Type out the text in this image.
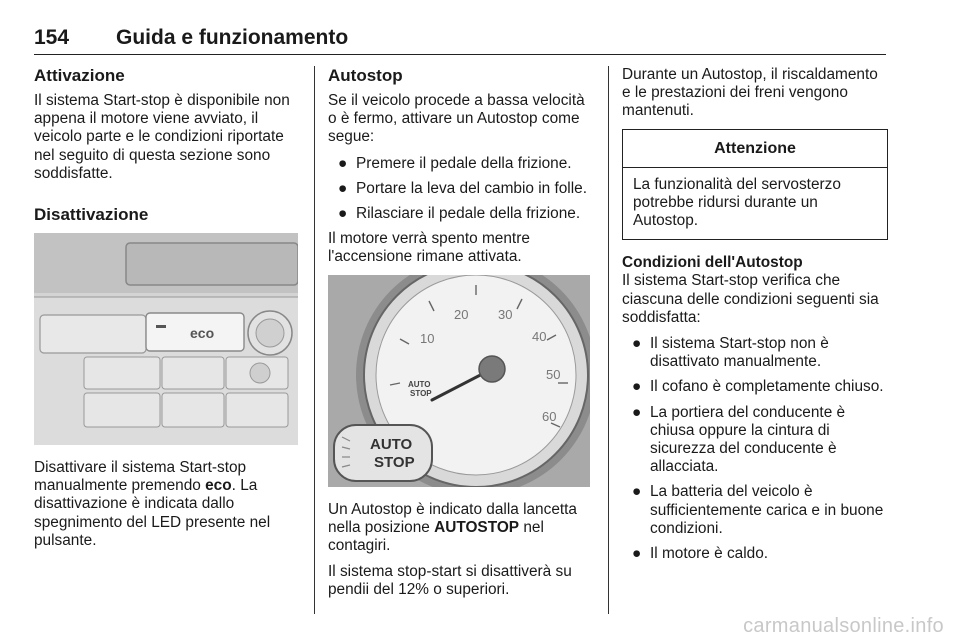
154 Guida e funzionamento
Attivazione

Il sistema Start-stop è disponibile non appena il motore viene avviato, il veicolo parte e le condizioni riportate nel seguito di questa sezione sono soddisfatte.

Disattivazione
eco

Disattivare il sistema Start-stop manualmente premendo eco. La disattivazione è indicata dallo spegnimento del LED presente nel pulsante.

Autostop

Se il veicolo procede a bassa velocità o è fermo, attivare un Autostop come segue:

● Premere il pedale della frizione.
● Portare la leva del cambio in folle.
● Rilasciare il pedale della frizione.

Il motore verrà spento mentre l'accensione rimane attivata.

10
20 30
40
50
60
AUTO
STOP
AUTO
STOP

Un Autostop è indicato dalla lancetta nella posizione AUTOSTOP nel contagiri.

Il sistema stop-start si disattiverà su pendii del 12% o superiori.

Durante un Autostop, il riscaldamento e le prestazioni dei freni vengono mantenuti.

Attenzione
La funzionalità del servosterzo potrebbe ridursi durante un Autostop.
Condizioni dell'Autostop

Il sistema Start-stop verifica che ciascuna delle condizioni seguenti sia soddisfatta:

● Il sistema Start-stop non è disattivato manualmente.
● Il cofano è completamente chiuso.
● La portiera del conducente è chiusa oppure la cintura di sicurezza del conducente è allacciata.
● La batteria del veicolo è sufficientemente carica e in buone condizioni.
● Il motore è caldo.
carmanualsonline.info
